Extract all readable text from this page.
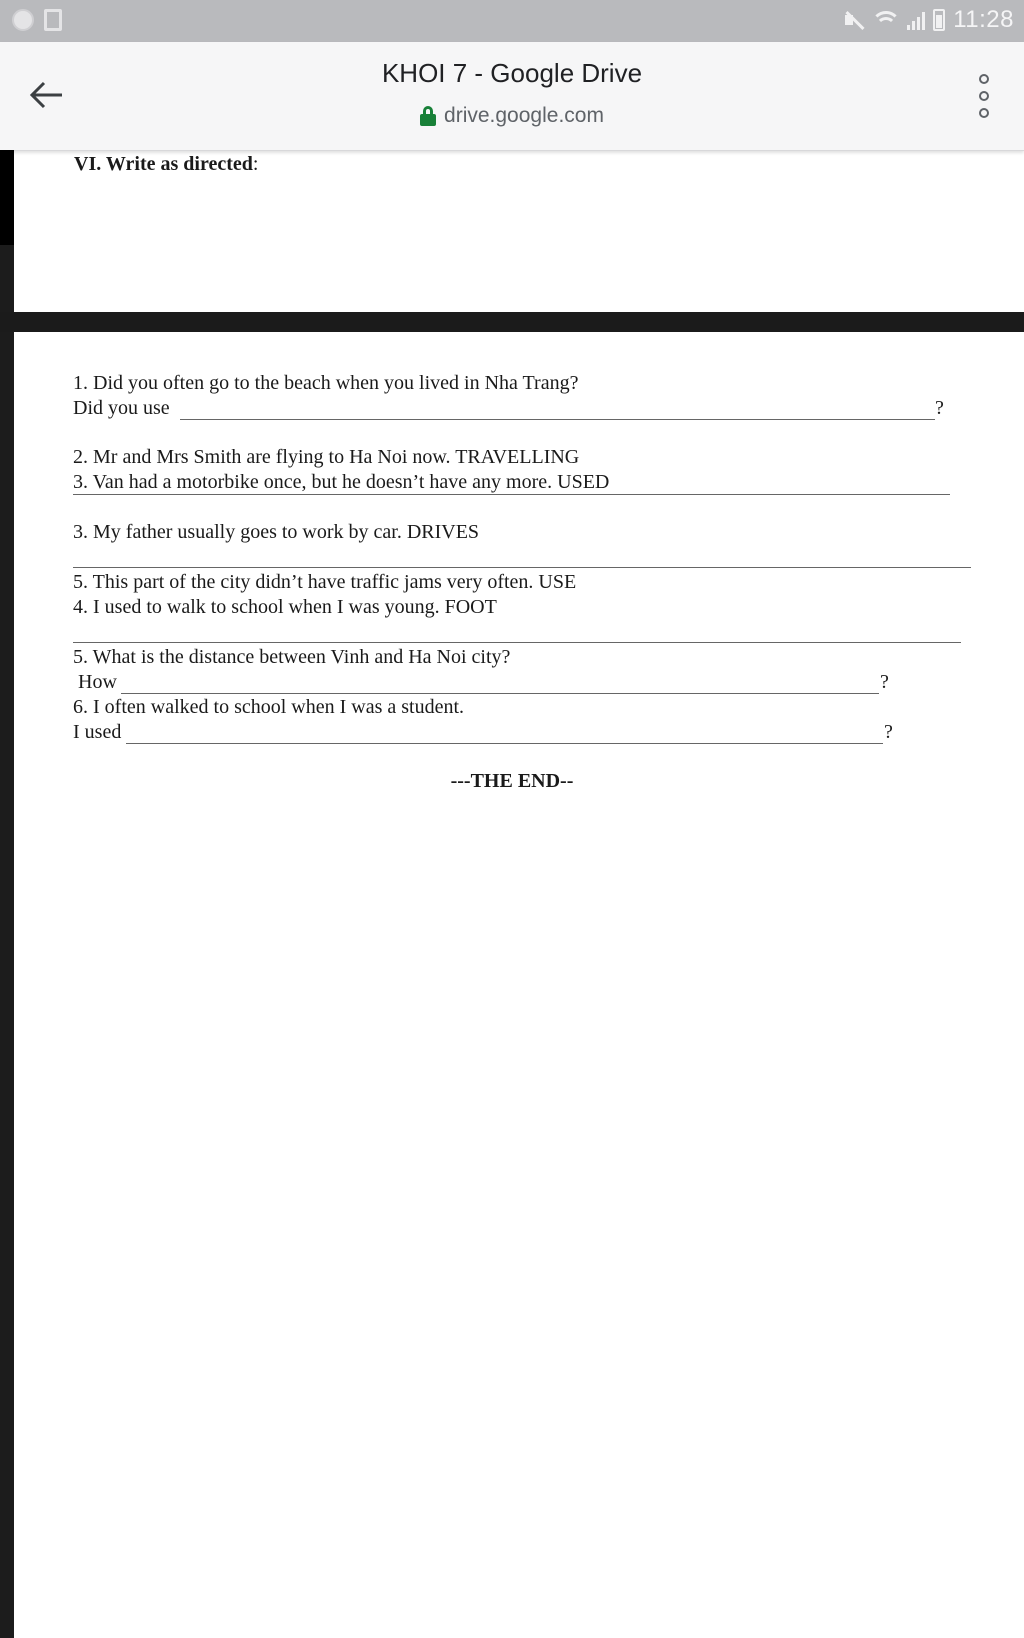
11:28
KHOI 7 - Google Drive
drive.google.com
VI. Write as directed:
1. Did you often go to the beach when you lived in Nha Trang?
Did you use	?
2. Mr and Mrs Smith are flying to Ha Noi now. TRAVELLING
3. Van had a motorbike once, but he doesn’t have any more. USED
3. My father usually goes to work by car. DRIVES
5. This part of the city didn’t have traffic jams very often. USE
4. I used to walk to school when I was young. FOOT
5. What is the distance between Vinh and Ha Noi city?
How	?
6. I often walked to school when I was a student.
I used	?
---THE END--
